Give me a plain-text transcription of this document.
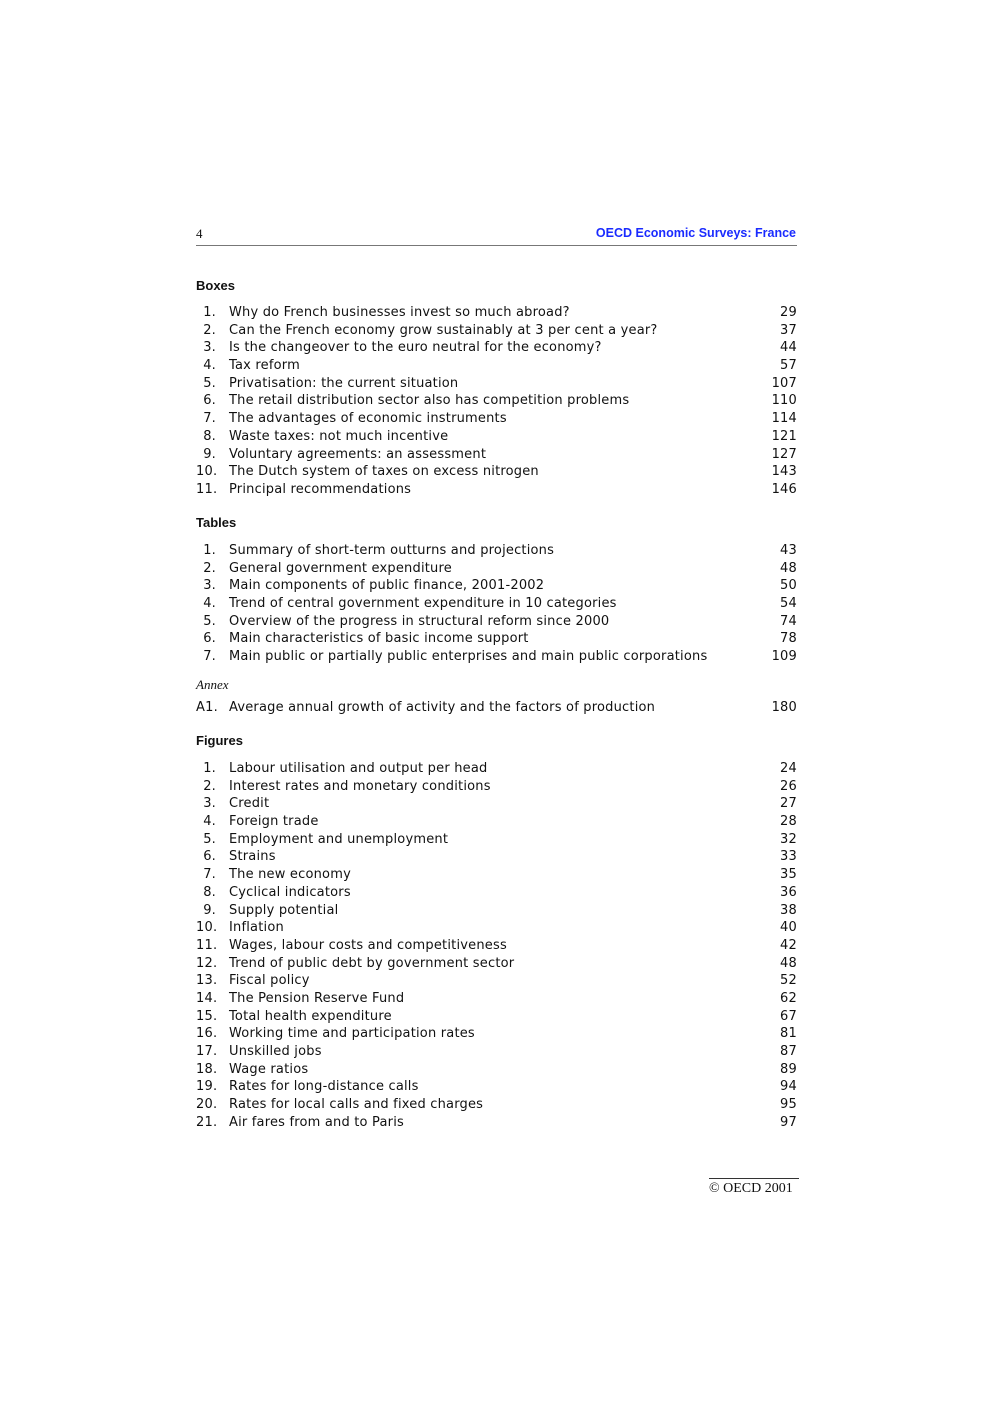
4	OECD Economic Surveys: France
Boxes
1. Why do French businesses invest so much abroad?	29
2. Can the French economy grow sustainably at 3 per cent a year?	37
3. Is the changeover to the euro neutral for the economy?	44
4. Tax reform	57
5. Privatisation: the current situation	107
6. The retail distribution sector also has competition problems	110
7. The advantages of economic instruments	114
8. Waste taxes: not much incentive	121
9. Voluntary agreements: an assessment	127
10. The Dutch system of taxes on excess nitrogen	143
11. Principal recommendations	146
Tables
1. Summary of short-term outturns and projections	43
2. General government expenditure	48
3. Main components of public finance, 2001-2002	50
4. Trend of central government expenditure in 10 categories	54
5. Overview of the progress in structural reform since 2000	74
6. Main characteristics of basic income support	78
7. Main public or partially public enterprises and main public corporations	109
Annex
A1. Average annual growth of activity and the factors of production	180
Figures
1. Labour utilisation and output per head	24
2. Interest rates and monetary conditions	26
3. Credit	27
4. Foreign trade	28
5. Employment and unemployment	32
6. Strains	33
7. The new economy	35
8. Cyclical indicators	36
9. Supply potential	38
10. Inflation	40
11. Wages, labour costs and competitiveness	42
12. Trend of public debt by government sector	48
13. Fiscal policy	52
14. The Pension Reserve Fund	62
15. Total health expenditure	67
16. Working time and participation rates	81
17. Unskilled jobs	87
18. Wage ratios	89
19. Rates for long-distance calls	94
20. Rates for local calls and fixed charges	95
21. Air fares from and to Paris	97
© OECD 2001
